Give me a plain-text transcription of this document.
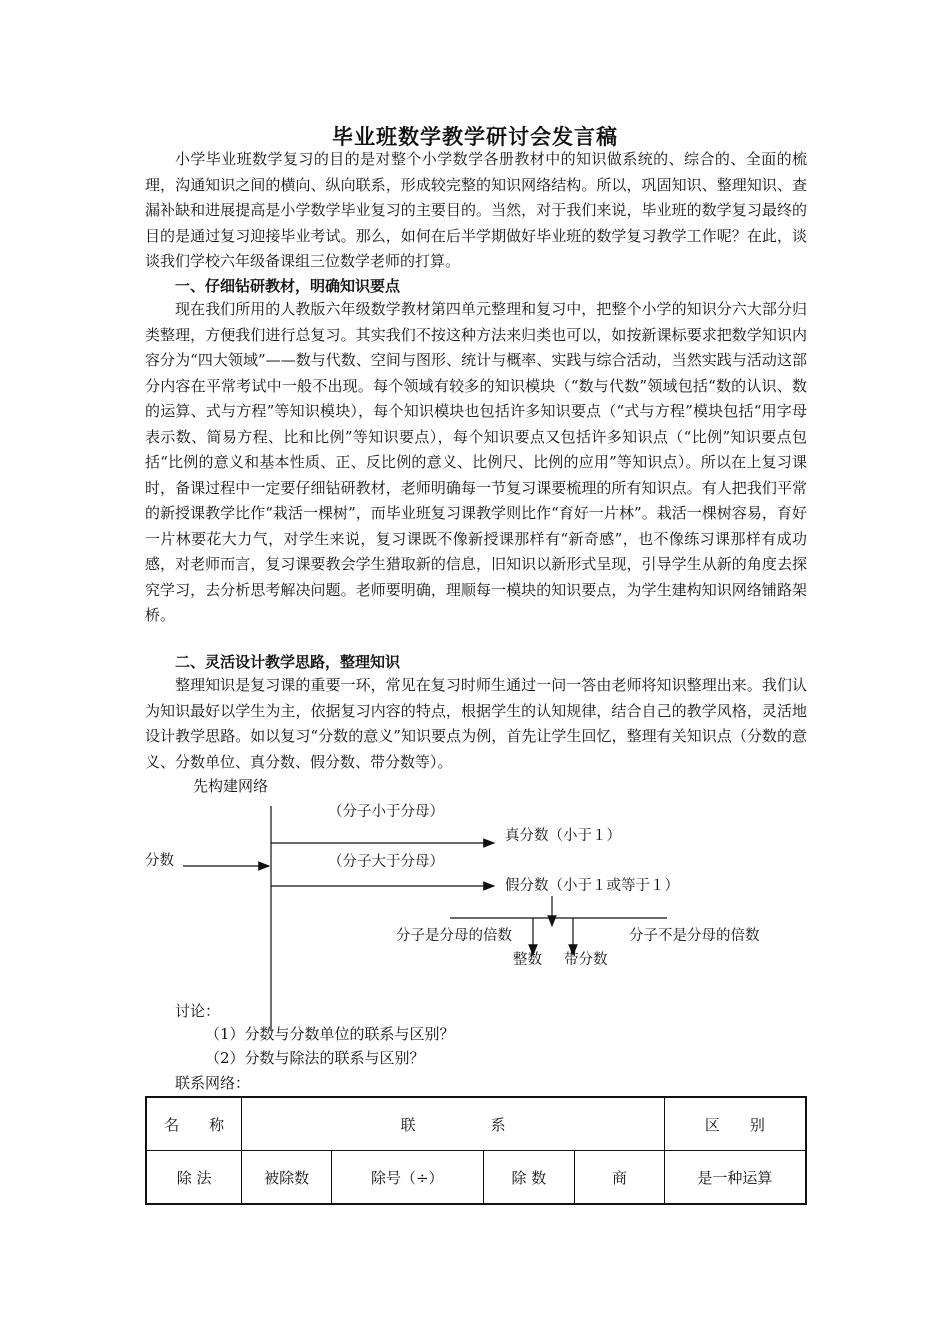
毕业班数学教学研讨会发言稿

小学毕业班数学复习的目的是对整个小学数学各册教材中的知识做系统的、综合的、全面的梳理，沟通知识之间的横向、纵向联系，形成较完整的知识网络结构。所以，巩固知识、整理知识、查漏补缺和进展提高是小学数学毕业复习的主要目的。当然，对于我们来说，毕业班的数学复习最终的目的是通过复习迎接毕业考试。那么，如何在后半学期做好毕业班的数学复习教学工作呢？在此，谈谈我们学校六年级备课组三位数学老师的打算。

一、仔细钻研教材，明确知识要点

现在我们所用的人教版六年级数学教材第四单元整理和复习中，把整个小学的知识分六大部分归类整理，方便我们进行总复习。其实我们不按这种方法来归类也可以，如按新课标要求把数学知识内容分为“四大领域”——数与代数、空间与图形、统计与概率、实践与综合活动，当然实践与活动这部分内容在平常考试中一般不出现。每个领域有较多的知识模块（“数与代数”领域包括“数的认识、数的运算、式与方程”等知识模块），每个知识模块也包括许多知识要点（“式与方程”模块包括“用字母表示数、简易方程、比和比例”等知识要点），每个知识要点又包括许多知识点（“比例”知识要点包括“比例的意义和基本性质、正、反比例的意义、比例尺、比例的应用”等知识点）。所以在上复习课时，备课过程中一定要仔细钻研教材，老师明确每一节复习课要梳理的所有知识点。有人把我们平常的新授课教学比作“栽活一棵树”，而毕业班复习课教学则比作“育好一片林”。栽活一棵树容易，育好一片林要花大力气，对学生来说，复习课既不像新授课那样有“新奇感”，也不像练习课那样有成功感，对老师而言，复习课要教会学生猎取新的信息，旧知识以新形式呈现，引导学生从新的角度去探究学习，去分析思考解决问题。老师要明确，理顺每一模块的知识要点，为学生建构知识网络铺路架桥。

二、灵活设计教学思路，整理知识

整理知识是复习课的重要一环，常见在复习时师生通过一问一答由老师将知识整理出来。我们认为知识最好以学生为主，依据复习内容的特点，根据学生的认知规律，结合自己的教学风格，灵活地设计教学思路。如以复习“分数的意义”知识要点为例，首先让学生回忆，整理有关知识点（分数的意义、分数单位、真分数、假分数、带分数等）。

先构建网络
分数
（分子小于分母）
真分数（小于１）
（分子大于分母）
假分数（小于１或等于１）
分子是分母的倍数	分子不是分母的倍数
整数 带分数
讨论：
（1）分数与分数单位的联系与区别？
（2）分数与除法的联系与区别？
联系网络：
名　　称	联　　　　　系				区　　别
除 法	被除数	除号（÷）	除 数	商	是一种运算
